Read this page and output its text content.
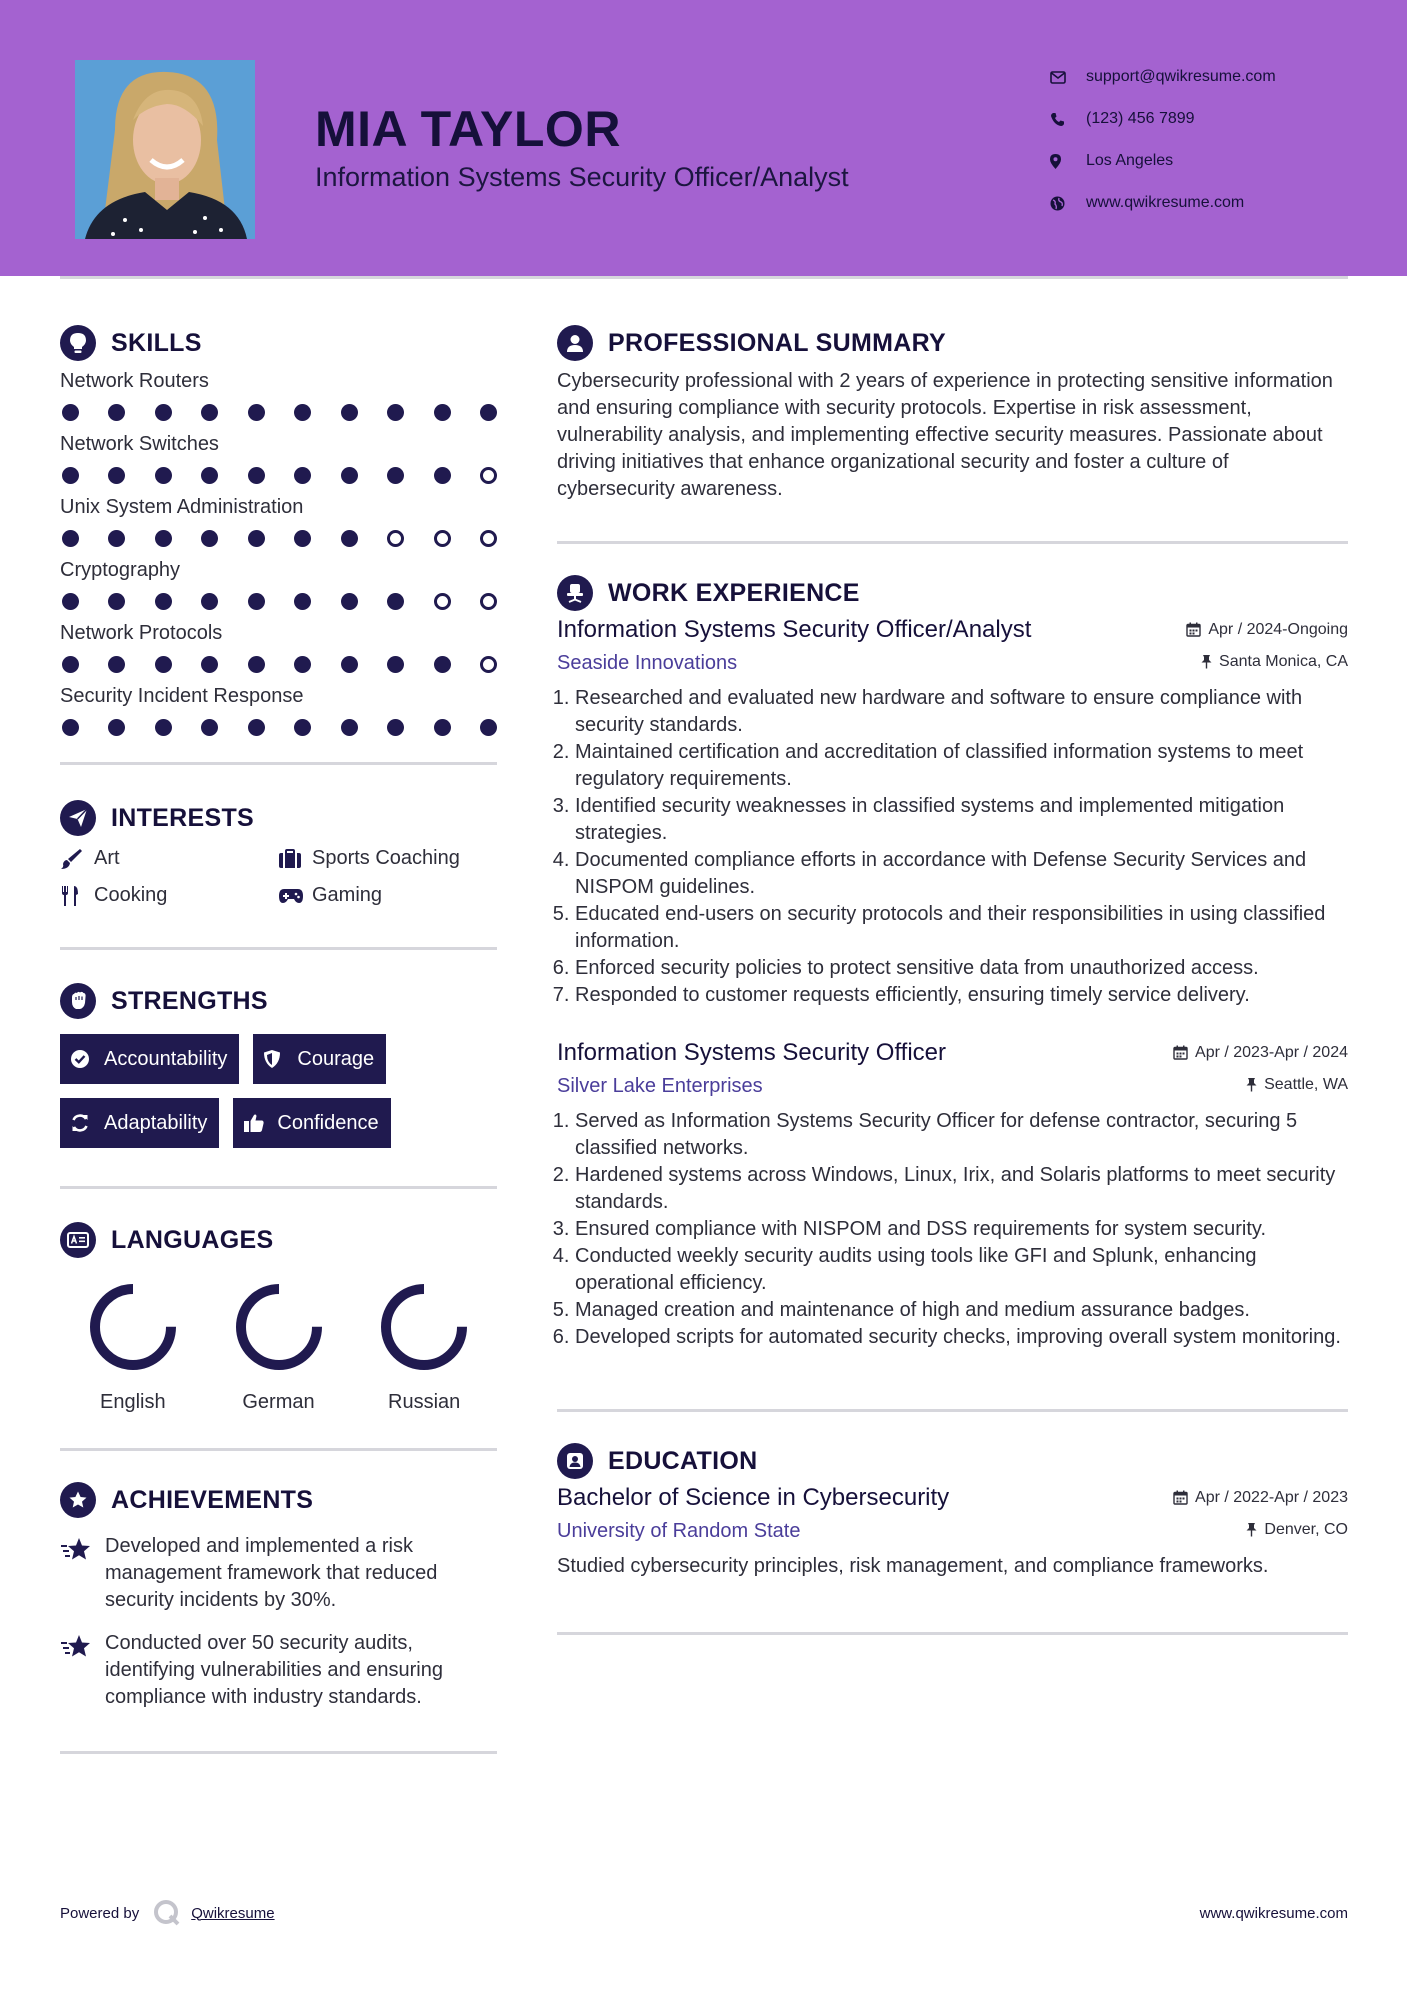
MIA TAYLOR
Information Systems Security Officer/Analyst
support@qwikresume.com
(123) 456 7899
Los Angeles
www.qwikresume.com
SKILLS
Network Routers
Network Switches
Unix System Administration
Cryptography
Network Protocols
Security Incident Response
INTERESTS
Art	Sports Coaching
Cooking	Gaming
STRENGTHS
Accountability	Courage
Adaptability	Confidence
LANGUAGES
English	German	Russian
ACHIEVEMENTS
Developed and implemented a risk management framework that reduced security incidents by 30%.
Conducted over 50 security audits, identifying vulnerabilities and ensuring compliance with industry standards.
PROFESSIONAL SUMMARY
Cybersecurity professional with 2 years of experience in protecting sensitive information and ensuring compliance with security protocols. Expertise in risk assessment, vulnerability analysis, and implementing effective security measures. Passionate about driving initiatives that enhance organizational security and foster a culture of cybersecurity awareness.
WORK EXPERIENCE
Information Systems Security Officer/Analyst	Apr / 2024-Ongoing
Seaside Innovations	Santa Monica, CA
1. Researched and evaluated new hardware and software to ensure compliance with security standards.
2. Maintained certification and accreditation of classified information systems to meet regulatory requirements.
3. Identified security weaknesses in classified systems and implemented mitigation strategies.
4. Documented compliance efforts in accordance with Defense Security Services and NISPOM guidelines.
5. Educated end-users on security protocols and their responsibilities in using classified information.
6. Enforced security policies to protect sensitive data from unauthorized access.
7. Responded to customer requests efficiently, ensuring timely service delivery.
Information Systems Security Officer	Apr / 2023-Apr / 2024
Silver Lake Enterprises	Seattle, WA
1. Served as Information Systems Security Officer for defense contractor, securing 5 classified networks.
2. Hardened systems across Windows, Linux, Irix, and Solaris platforms to meet security standards.
3. Ensured compliance with NISPOM and DSS requirements for system security.
4. Conducted weekly security audits using tools like GFI and Splunk, enhancing operational efficiency.
5. Managed creation and maintenance of high and medium assurance badges.
6. Developed scripts for automated security checks, improving overall system monitoring.
EDUCATION
Bachelor of Science in Cybersecurity	Apr / 2022-Apr / 2023
University of Random State	Denver, CO
Studied cybersecurity principles, risk management, and compliance frameworks.
Powered by	Qwikresume	www.qwikresume.com
